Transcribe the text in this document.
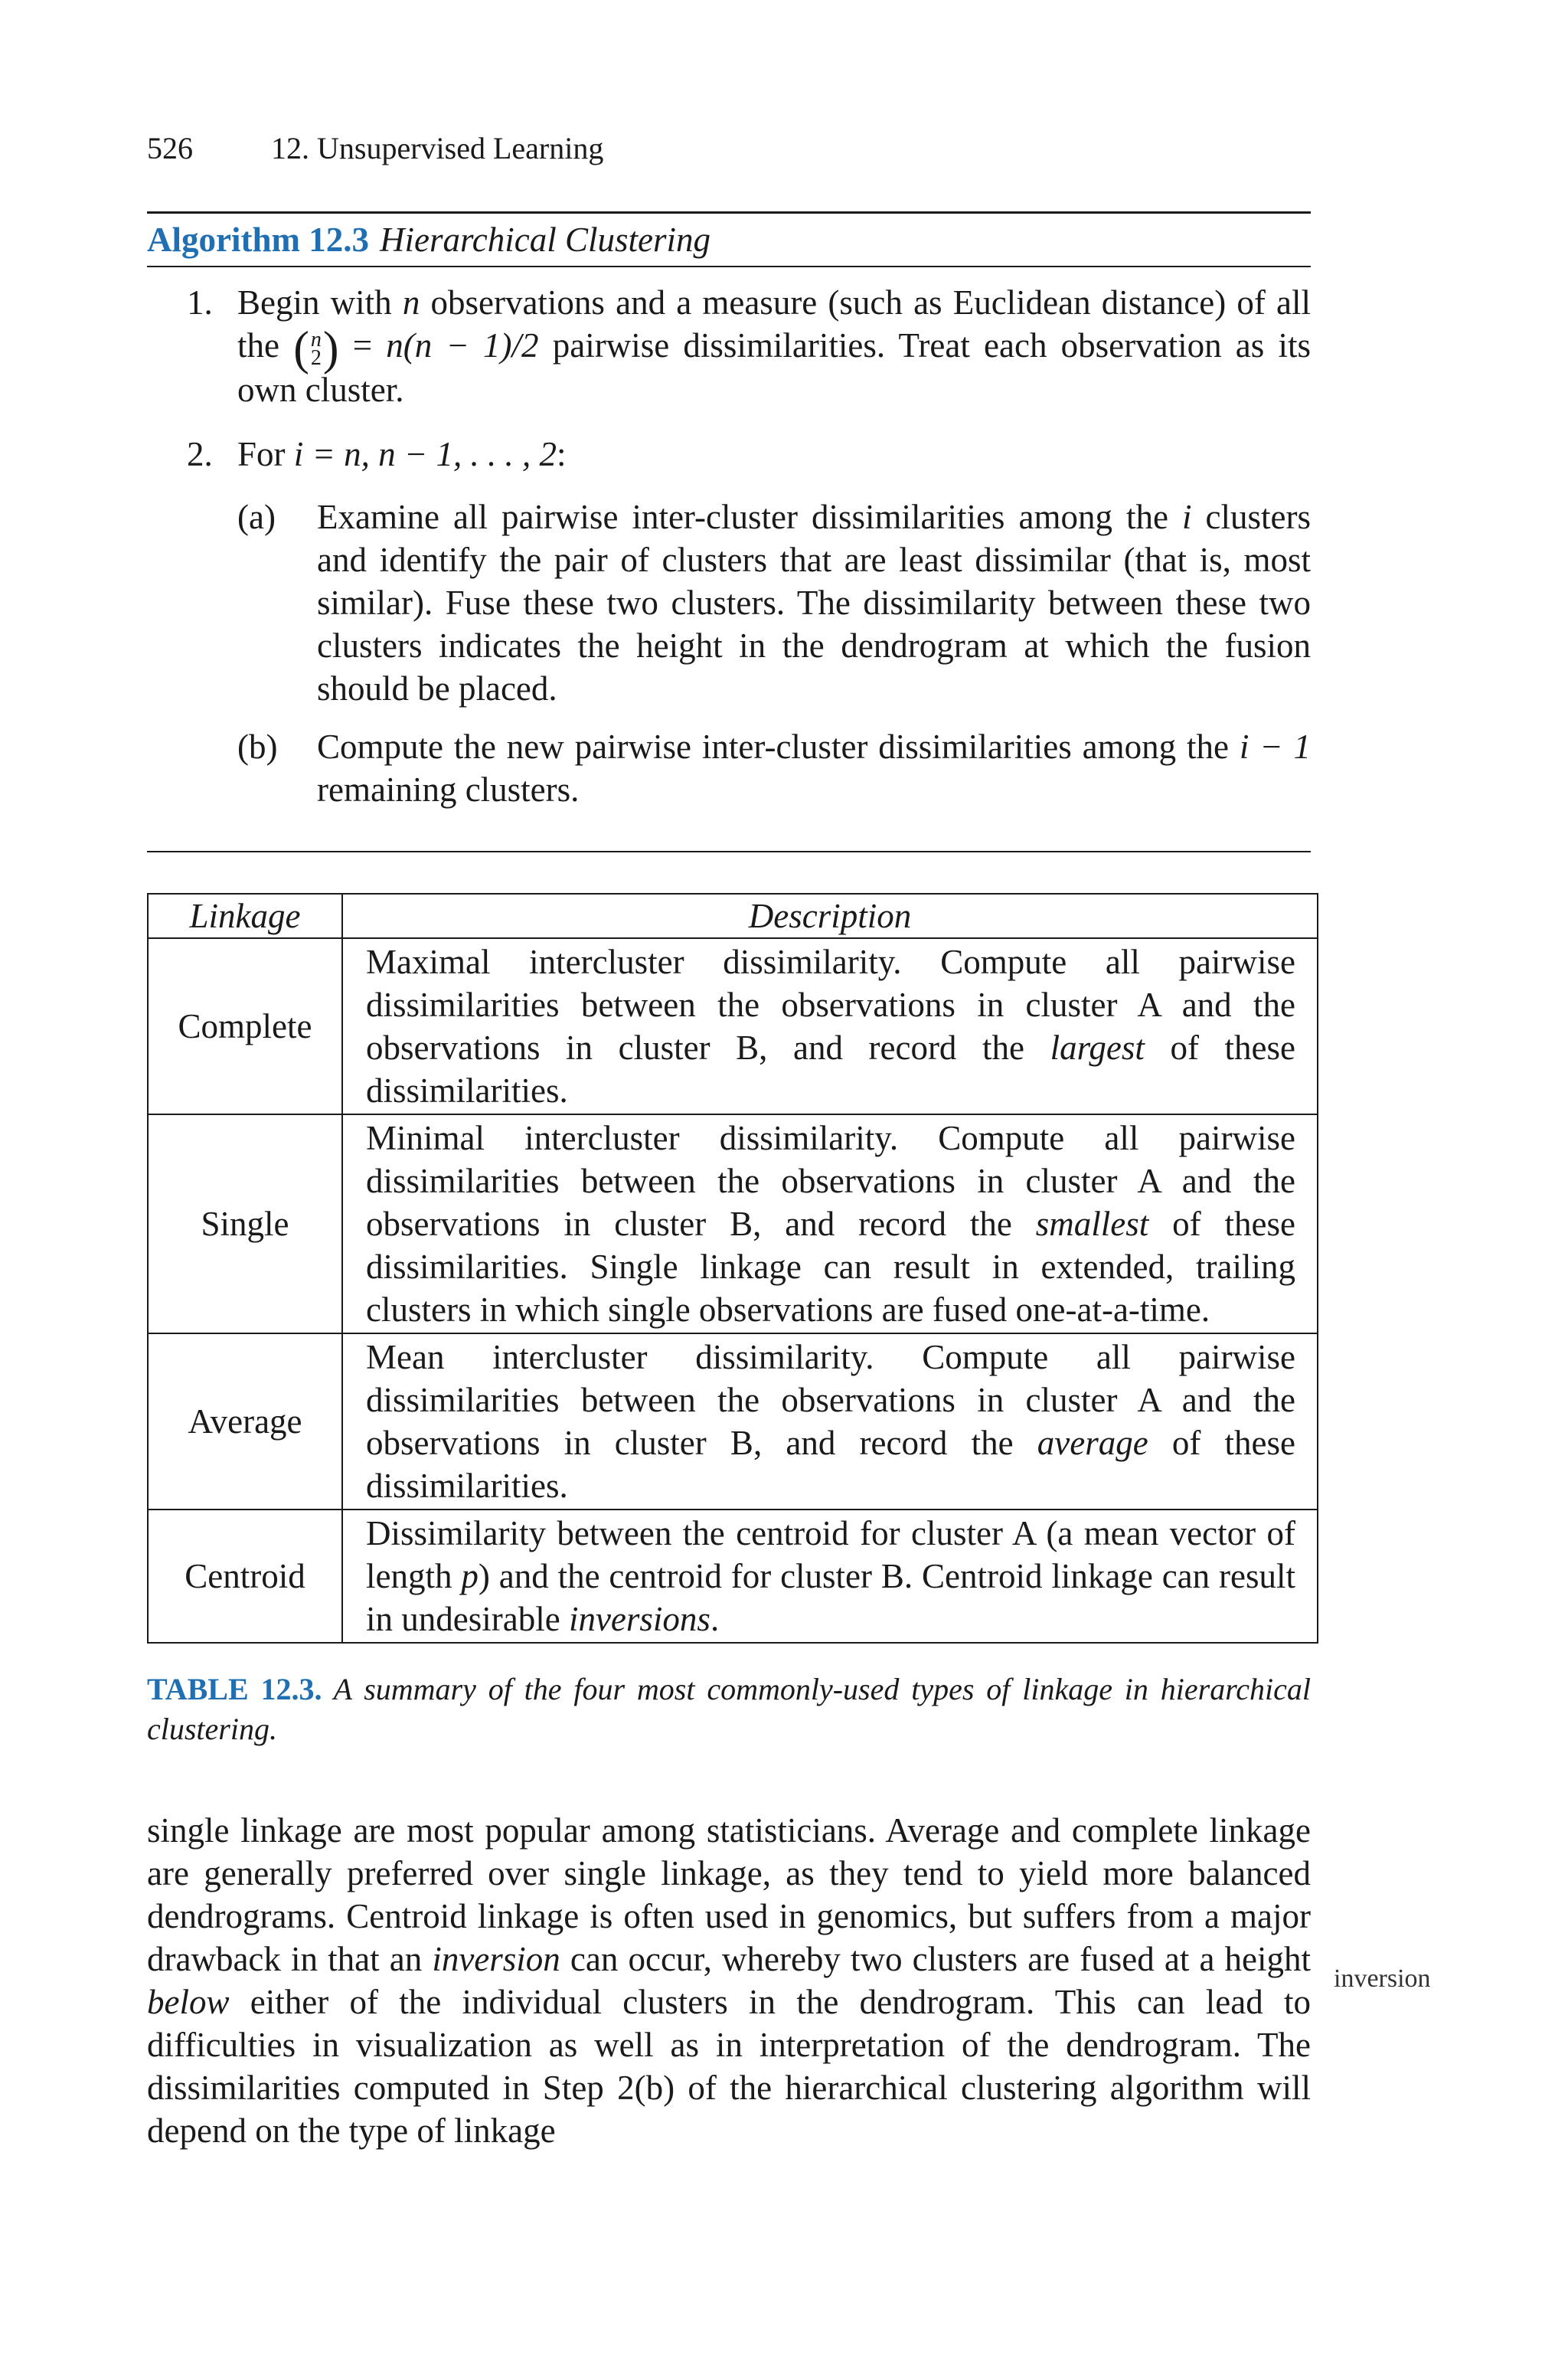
526	12. Unsupervised Learning
Algorithm 12.3 Hierarchical Clustering
1. Begin with n observations and a measure (such as Euclidean distance) of all the (n
2) = n(n − 1)/2 pairwise dissimilarities. Treat each observation as its own cluster.
2. For i = n, n − 1, . . . , 2:
(a) Examine all pairwise inter-cluster dissimilarities among the i clusters and identify the pair of clusters that are least dissimilar (that is, most similar). Fuse these two clusters. The dissimilarity between these two clusters indicates the height in the dendrogram at which the fusion should be placed.
(b) Compute the new pairwise inter-cluster dissimilarities among the i − 1 remaining clusters.
Linkage	Description
Complete	Maximal intercluster dissimilarity. Compute all pairwise dissimilarities between the observations in cluster A and the observations in cluster B, and record the largest of these dissimilarities.
Single	Minimal intercluster dissimilarity. Compute all pairwise dissimilarities between the observations in cluster A and the observations in cluster B, and record the smallest of these dissimilarities. Single linkage can result in extended, trailing clusters in which single observations are fused one-at-a-time.
Average	Mean intercluster dissimilarity. Compute all pairwise dissimilarities between the observations in cluster A and the observations in cluster B, and record the average of these dissimilarities.
Centroid	Dissimilarity between the centroid for cluster A (a mean vector of length p) and the centroid for cluster B. Centroid linkage can result in undesirable inversions.
TABLE 12.3. A summary of the four most commonly-used types of linkage in hierarchical clustering.
single linkage are most popular among statisticians. Average and complete linkage are generally preferred over single linkage, as they tend to yield more balanced dendrograms. Centroid linkage is often used in genomics, but suffers from a major drawback in that an inversion can occur, whereby two clusters are fused at a height below either of the individual clusters in the dendrogram. This can lead to difficulties in visualization as well as in interpretation of the dendrogram. The dissimilarities computed in Step 2(b) of the hierarchical clustering algorithm will depend on the type of linkage
inversion
